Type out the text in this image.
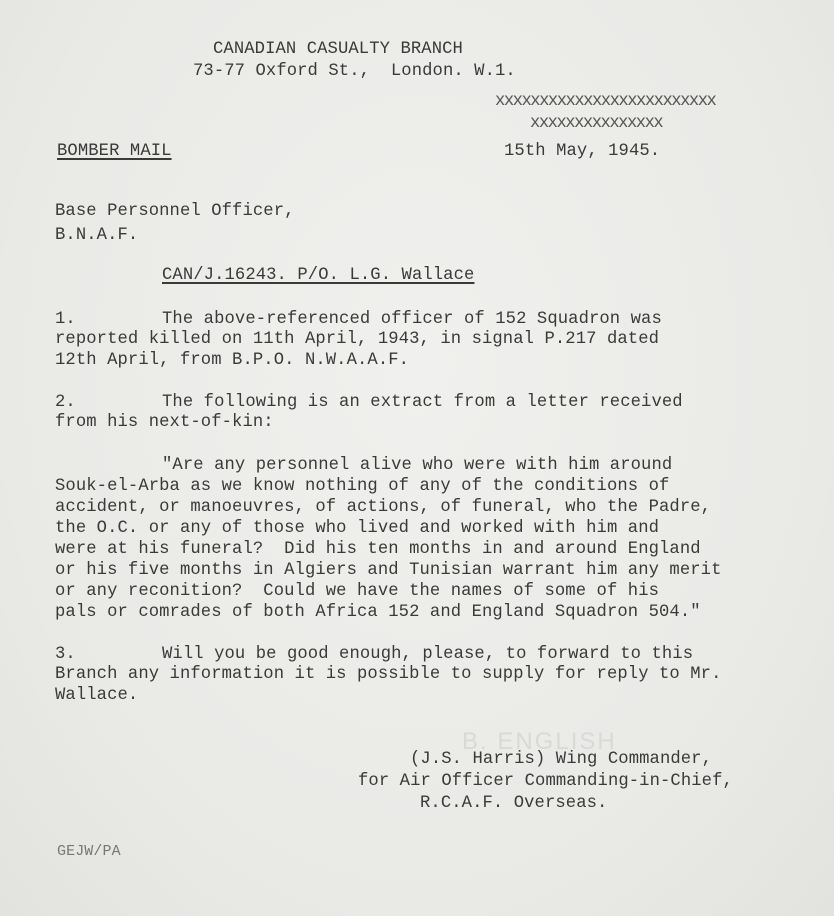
B. ENGLISH
CANADIAN CASUALTY BRANCH
73-77 Oxford St.,  London. W.1.
xxxxxxxxxxxxxxxxxxxxxxxxx
xxxxxxxxxxxxxxx
BOMBER MAIL	15th May, 1945.
Base Personnel Officer,
B.N.A.F.
CAN/J.16243. P/O. L.G. Wallace
1.	The above-referenced officer of 152 Squadron was
reported killed on 11th April, 1943, in signal P.217 dated
12th April, from B.P.O. N.W.A.A.F.
2.	The following is an extract from a letter received
from his next-of-kin:
"Are any personnel alive who were with him around
Souk-el-Arba as we know nothing of any of the conditions of
accident, or manoeuvres, of actions, of funeral, who the Padre,
the O.C. or any of those who lived and worked with him and
were at his funeral?  Did his ten months in and around England
or his five months in Algiers and Tunisian warrant him any merit
or any reconition?  Could we have the names of some of his
pals or comrades of both Africa 152 and England Squadron 504."
3.	Will you be good enough, please, to forward to this
Branch any information it is possible to supply for reply to Mr.
Wallace.
(J.S. Harris) Wing Commander,
for Air Officer Commanding-in-Chief,
R.C.A.F. Overseas.
GEJW/PA
